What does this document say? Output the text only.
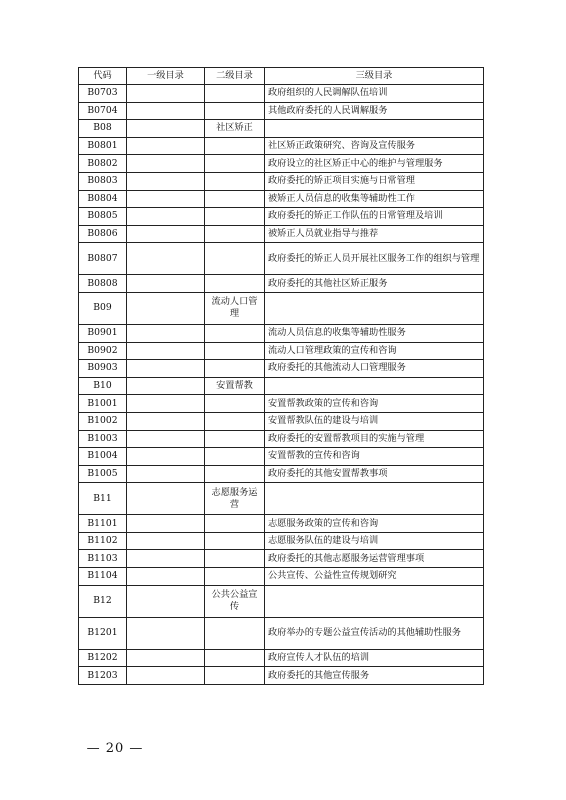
代码	一级目录	二级目录	三级目录
B0703			政府组织的人民调解队伍培训
B0704			其他政府委托的人民调解服务
B08		社区矫正	
B0801			社区矫正政策研究、咨询及宣传服务
B0802			政府设立的社区矫正中心的维护与管理服务
B0803			政府委托的矫正项目实施与日常管理
B0804			被矫正人员信息的收集等辅助性工作
B0805			政府委托的矫正工作队伍的日常管理及培训
B0806			被矫正人员就业指导与推荐
B0807			政府委托的矫正人员开展社区服务工作的组织与管理
B0808			政府委托的其他社区矫正服务
B09		流动人口管理	
B0901			流动人员信息的收集等辅助性服务
B0902			流动人口管理政策的宣传和咨询
B0903			政府委托的其他流动人口管理服务
B10		安置帮教	
B1001			安置帮教政策的宣传和咨询
B1002			安置帮教队伍的建设与培训
B1003			政府委托的安置帮教项目的实施与管理
B1004			安置帮教的宣传和咨询
B1005			政府委托的其他安置帮教事项
B11		志愿服务运营	
B1101			志愿服务政策的宣传和咨询
B1102			志愿服务队伍的建设与培训
B1103			政府委托的其他志愿服务运营管理事项
B1104			公共宣传、公益性宣传规划研究
B12		公共公益宣传	
B1201			政府举办的专题公益宣传活动的其他辅助性服务
B1202			政府宣传人才队伍的培训
B1203			政府委托的其他宣传服务
— 20 —
